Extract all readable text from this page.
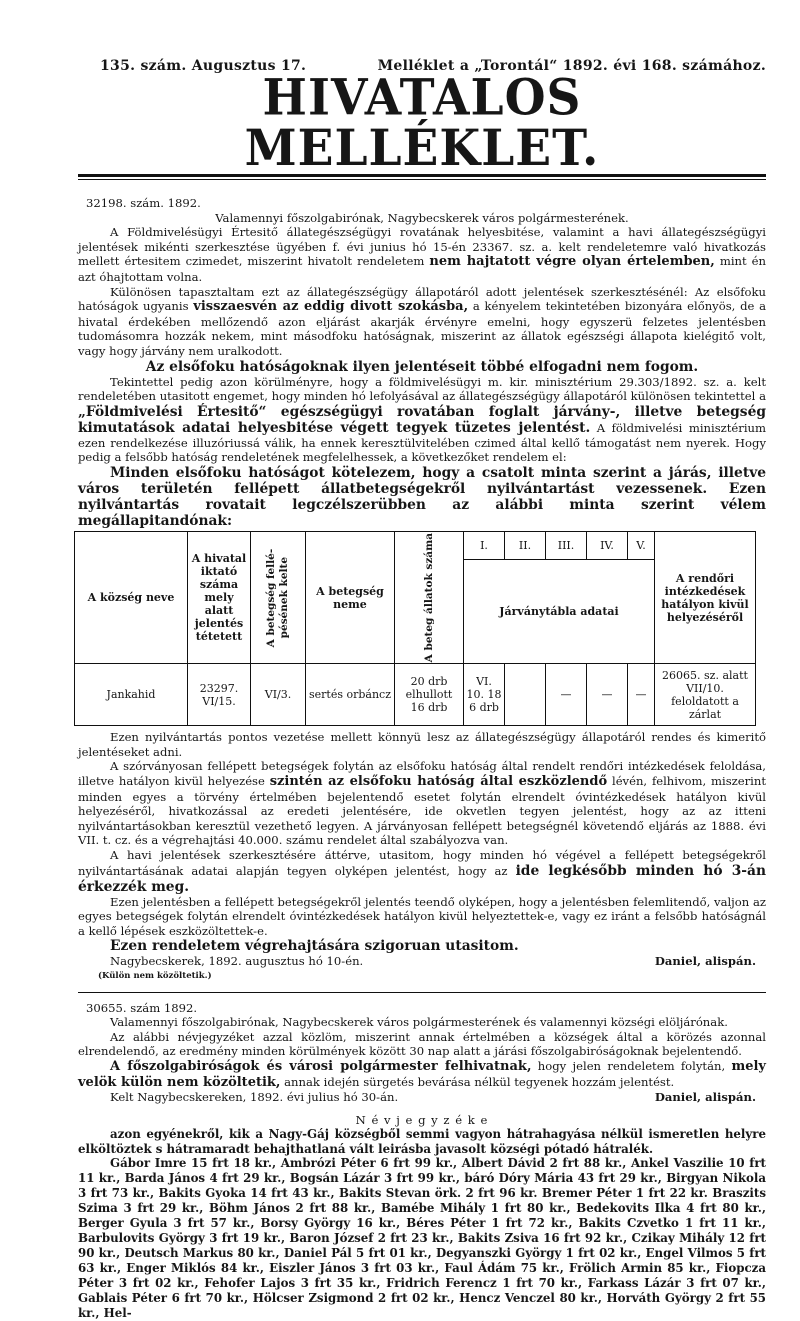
135. szám. Augusztus 17.	Melléklet a „Torontál“ 1892. évi 168. számához.
HIVATALOS MELLÉKLET.

32198. szám. 1892.

Valamennyi főszolgabirónak, Nagybecskerek város polgármesterének.

A Földmivelésügyi Értesitő állategészségügyi rovatának helyesbitése, valamint a havi állategészségügyi jelentések mikénti szerkesztése ügyében f. évi junius hó 15-én 23367. sz. a. kelt rendeletemre való hivatkozás mellett értesitem czimedet, miszerint hivatolt rendeletem nem hajtatott végre olyan értelemben, mint én azt óhajtottam volna.

Különösen tapasztaltam ezt az állategészségügy állapotáról adott jelentések szerkesztésénél: Az elsőfoku hatóságok ugyanis visszaesvén az eddig divott szokásba, a kényelem tekintetében bizonyára előnyös, de a hivatal érdekében mellőzendő azon eljárást akarják érvényre emelni, hogy egyszerü felzetes jelentésben tudomásomra hozzák nekem, mint másodfoku hatóságnak, miszerint az állatok egészségi állapota kielégitő volt, vagy hogy járvány nem uralkodott.

Az elsőfoku hatóságoknak ilyen jelentéseit többé elfogadni nem fogom.

Tekintettel pedig azon körülményre, hogy a földmivelésügyi m. kir. minisztérium 29.303/1892. sz. a. kelt rendeletében utasitott engemet, hogy minden hó lefolyásával az állategészségügy állapotáról különösen tekintettel a „Földmivelési Értesitő“ egészségügyi rovatában foglalt járvány-, illetve betegség kimutatások adatai helyesbitése végett tegyek tüzetes jelentést. A földmivelési minisztérium ezen rendelkezése illuzóriussá válik, ha ennek keresztülvitelében czimed által kellő támogatást nem nyerek. Hogy pedig a felsőbb hatóság rendeletének megfelelhessek, a következőket rendelem el:

Minden elsőfoku hatóságot kötelezem, hogy a csatolt minta szerint a járás, illetve város területén fellépett állatbetegségekről nyilvántartást vezessenek. Ezen nyilvántartás rovatait legczélszerübben az alábbi minta szerint vélem megállapitandónak:

A község neve	A hivatal iktató száma mely alatt jelentés tétetett	A betegség fellé- pésének kelte	A betegség neme	A beteg állatok száma	I.	II.	III.	IV.	V.	A rendőri intézkedések hatályon kivül helyezéséről
					Járványtábla adatai					
Jankahid	23297. VI/15.	VI/3.	sertés orbáncz	20 drb elhullott 16 drb	VI. 10. 18 6 drb		—	—	—	26065. sz. alatt VII/10. feloldatott a zárlat

Ezen nyilvántartás pontos vezetése mellett könnyü lesz az állategészségügy állapotáról rendes és kimeritő jelentéseket adni.

A szórványosan fellépett betegségek folytán az elsőfoku hatóság által rendelt rendőri intézkedések feloldása, illetve hatályon kivül helyezése szintén az elsőfoku hatóság által eszközlendő lévén, felhivom, miszerint minden egyes a törvény értelmében bejelentendő esetet folytán elrendelt óvintézkedések hatályon kivül helyezéséről, hivatkozással az eredeti jelentésére, ide okvetlen tegyen jelentést, hogy az az itteni nyilvántartásokban keresztül vezethető legyen. A járványosan fellépett betegségnél követendő eljárás az 1888. évi VII. t. cz. és a végrehajtási 40.000. számu rendelet által szabályozva van.

A havi jelentések szerkesztésére áttérve, utasitom, hogy minden hó végével a fellépett betegségekről nyilvántartásának adatai alapján tegyen olyképen jelentést, hogy az ide legkésőbb minden hó 3-án érkezzék meg.

Ezen jelentésben a fellépett betegségekről jelentés teendő olyképen, hogy a jelentésben felemlitendő, valjon az egyes betegségek folytán elrendelt óvintézkedések hatályon kivül helyeztettek-e, vagy ez iránt a felsőbb hatóságnál a kellő lépések eszközöltettek-e.

Ezen rendeletem végrehajtására szigoruan utasitom.

Nagybecskerek, 1892. augusztus hó 10-én.	Daniel, alispán.
(Külön nem közöltetik.)

30655. szám 1892.

Valamennyi főszolgabirónak, Nagybecskerek város polgármesterének és valamennyi községi elöljárónak.

Az alábbi névjegyzéket azzal közlöm, miszerint annak értelmében a községek által a körözés azonnal elrendelendő, az eredmény minden körülmények között 30 nap alatt a járási főszolgabiróságoknak bejelentendő.

A főszolgabiróságok és városi polgármester felhivatnak, hogy jelen rendeletem folytán, mely velök külön nem közöltetik, annak idején sürgetés bevárása nélkül tegyenek hozzám jelentést.

Kelt Nagybecskereken, 1892. évi julius hó 30-án.	Daniel, alispán.

N é v j e g y z é k e

azon egyénekről, kik a Nagy-Gáj községből semmi vagyon hátrahagyása nélkül ismeretlen helyre elköltöztek s hátramaradt behajthatlaná vált leirásba javasolt községi pótadó hátralék.

Gábor Imre 15 frt 18 kr., Ambrózi Péter 6 frt 99 kr., Albert Dávid 2 frt 88 kr., Ankel Vaszilie 10 frt 11 kr., Barda János 4 frt 29 kr., Bogsán Lázár 3 frt 99 kr., báró Dóry Mária 43 frt 29 kr., Birgyan Nikola 3 frt 73 kr., Bakits Gyoka 14 frt 43 kr., Bakits Stevan örk. 2 frt 96 kr. Bremer Péter 1 frt 22 kr. Braszits Szima 3 frt 29 kr., Böhm János 2 frt 88 kr., Bamébe Mihály 1 frt 80 kr., Bedekovits Ilka 4 frt 80 kr., Berger Gyula 3 frt 57 kr., Borsy György 16 kr., Béres Péter 1 frt 72 kr., Bakits Czvetko 1 frt 11 kr., Barbulovits György 3 frt 19 kr., Baron József 2 frt 23 kr., Bakits Zsiva 16 frt 92 kr., Czikay Mihály 12 frt 90 kr., Deutsch Markus 80 kr., Daniel Pál 5 frt 01 kr., Degyanszki György 1 frt 02 kr., Engel Vilmos 5 frt 63 kr., Enger Miklós 84 kr., Eiszler János 3 frt 03 kr., Faul Ádám 75 kr., Frölich Armin 85 kr., Fiopcza Péter 3 frt 02 kr., Fehofer Lajos 3 frt 35 kr., Fridrich Ferencz 1 frt 70 kr., Farkass Lázár 3 frt 07 kr., Gablais Péter 6 frt 70 kr., Hölcser Zsigmond 2 frt 02 kr., Hencz Venczel 80 kr., Horváth György 2 frt 55 kr., Hel-
